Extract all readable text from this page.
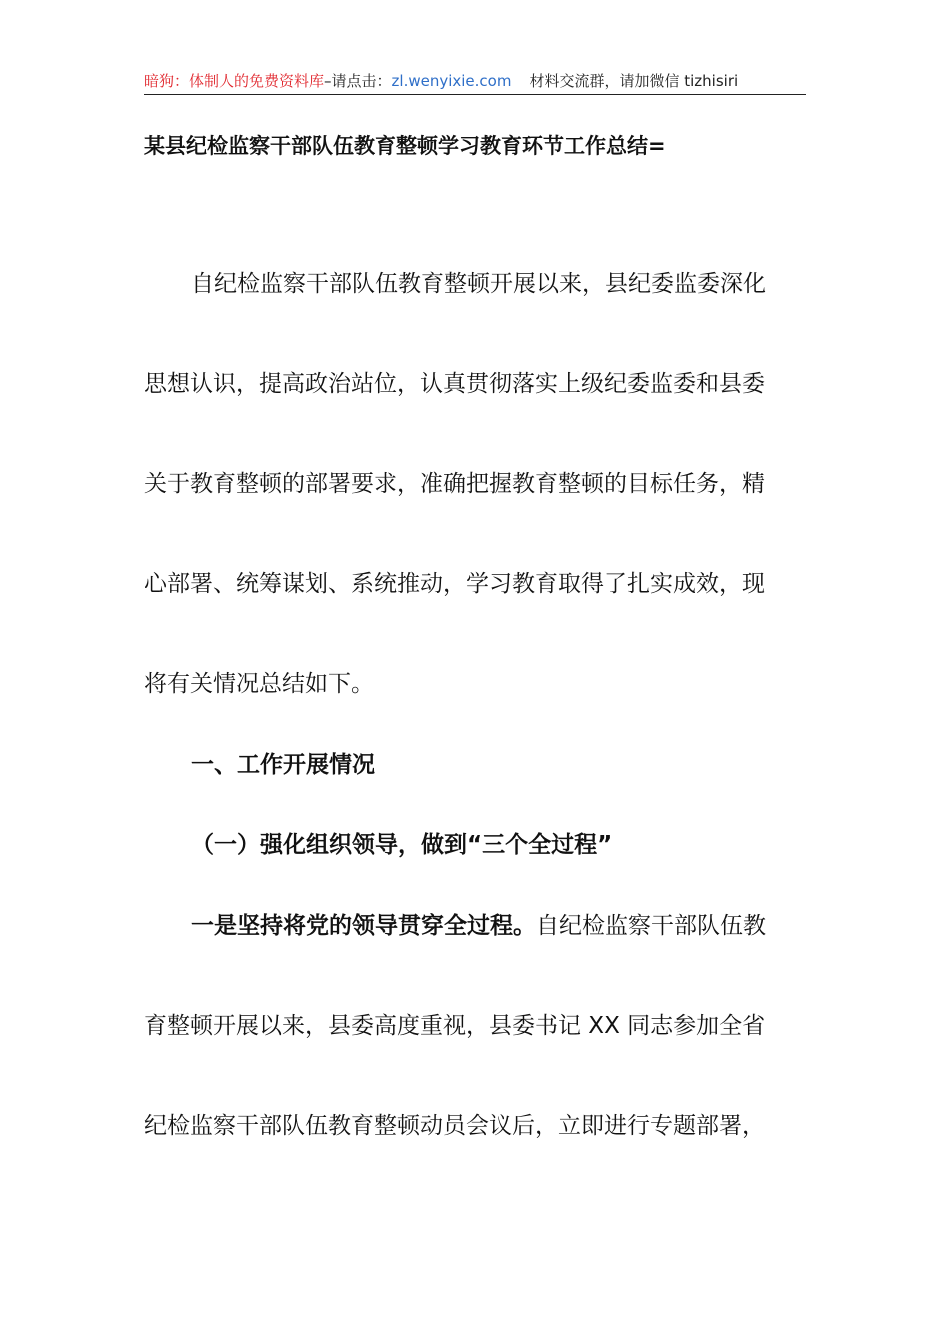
暗狗：体制人的免费资料库–请点击：zl.wenyixie.com 材料交流群，请加微信 tizhisiri
某县纪检监察干部队伍教育整顿学习教育环节工作总结=
自纪检监察干部队伍教育整顿开展以来，县纪委监委深化
思想认识，提高政治站位，认真贯彻落实上级纪委监委和县委
关于教育整顿的部署要求，准确把握教育整顿的目标任务，精
心部署、统筹谋划、系统推动，学习教育取得了扎实成效，现
将有关情况总结如下。
一、工作开展情况
（一）强化组织领导，做到“三个全过程”
一是坚持将党的领导贯穿全过程。自纪检监察干部队伍教
育整顿开展以来，县委高度重视，县委书记 XX 同志参加全省
纪检监察干部队伍教育整顿动员会议后，立即进行专题部署，
